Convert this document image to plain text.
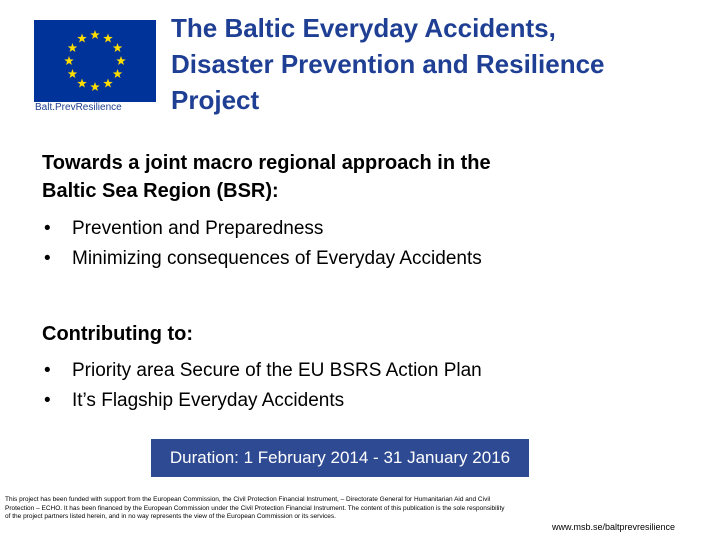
Balt.PrevResilience
The Baltic Everyday Accidents,
Disaster Prevention and Resilience
Project
Towards a joint macro regional approach in the
Baltic Sea Region (BSR):
• Prevention and Preparedness
• Minimizing consequences of Everyday Accidents
Contributing to:
• Priority area Secure of the EU BSRS Action Plan
• It’s Flagship Everyday Accidents
Duration: 1 February 2014 - 31 January 2016
This project has been funded with support from the European Commission, the Civil Protection Financial Instrument, – Directorate General for Humanitarian Aid and Civil Protection – ECHO. It has been financed by the European Commission under the Civil Protection Financial Instrument. The content of this publication is the sole responsibility of the project partners listed herein, and in no way represents the view of the European Commission or its services.
www.msb.se/baltprevresilience
